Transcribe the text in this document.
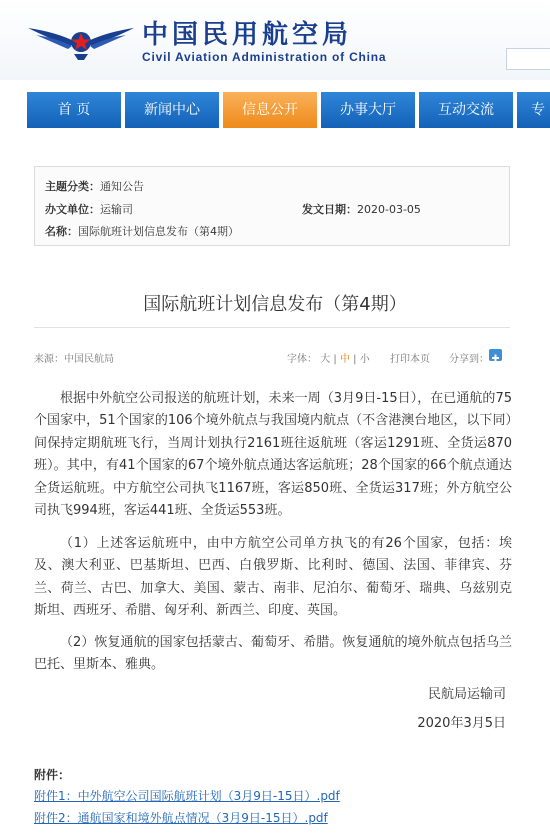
中国民用航空局
Civil Aviation Administration of China
首 页	新闻中心	信息公开	办事大厅	互动交流	专
主题分类：通知公告
办文单位：运输司	发文日期：2020-03-05
名称：国际航班计划信息发布（第4期）
国际航班计划信息发布（第4期）
来源：中国民航局	字体： 大 | 中 | 小 打印本页 分享到：
根据中外航空公司报送的航班计划，未来一周（3月9日-15日），在已通航的75个国家中，51个国家的106个境外航点与我国境内航点（不含港澳台地区，以下同）间保持定期航班飞行，当周计划执行2161班往返航班（客运1291班、全货运870班）。其中，有41个国家的67个境外航点通达客运航班；28个国家的66个航点通达全货运航班。中方航空公司执飞1167班，客运850班、全货运317班；外方航空公司执飞994班，客运441班、全货运553班。
（1）上述客运航班中，由中方航空公司单方执飞的有26个国家，包括：埃及、澳大利亚、巴基斯坦、巴西、白俄罗斯、比利时、德国、法国、菲律宾、芬兰、荷兰、古巴、加拿大、美国、蒙古、南非、尼泊尔、葡萄牙、瑞典、乌兹别克斯坦、西班牙、希腊、匈牙利、新西兰、印度、英国。
（2）恢复通航的国家包括蒙古、葡萄牙、希腊。恢复通航的境外航点包括乌兰巴托、里斯本、雅典。
民航局运输司
2020年3月5日
附件：
附件1：中外航空公司国际航班计划（3月9日-15日）.pdf
附件2：通航国家和境外航点情况（3月9日-15日）.pdf
